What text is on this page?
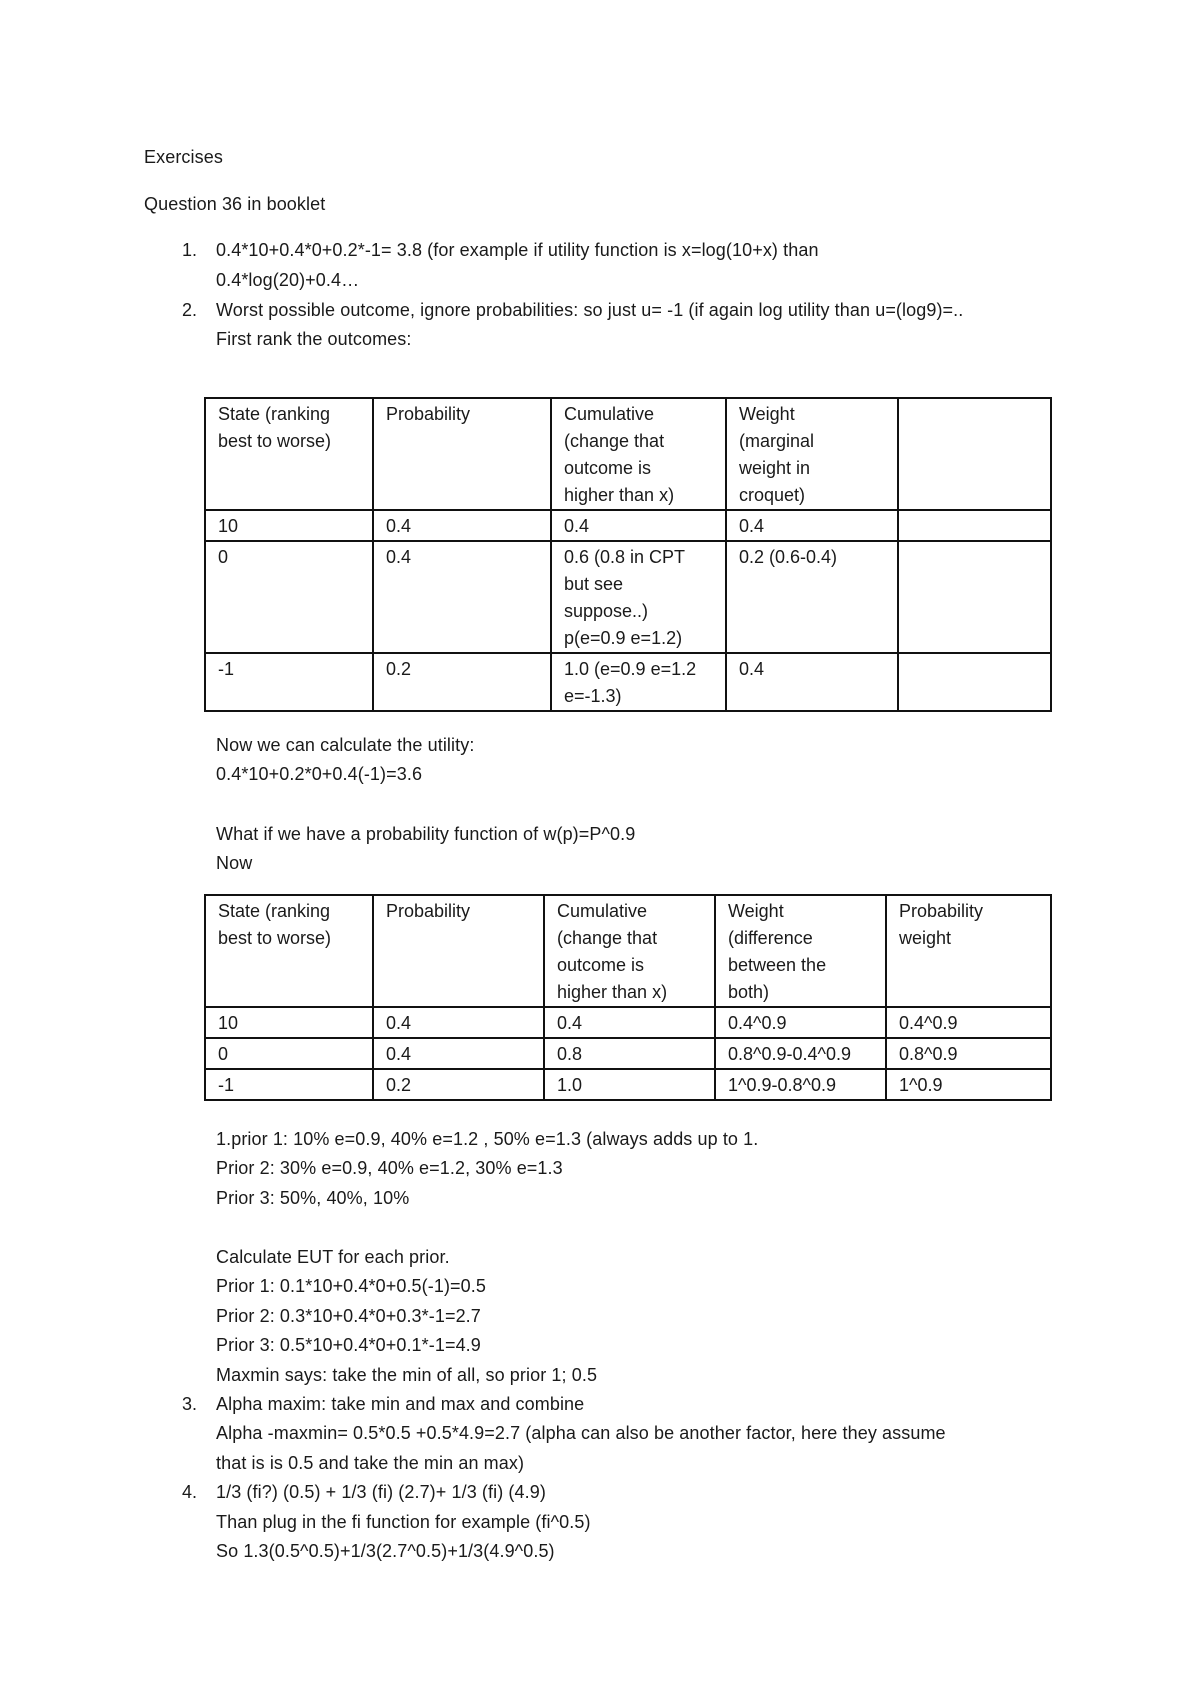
Exercises
Question 36 in booklet
1. 0.4*10+0.4*0+0.2*-1= 3.8 (for example if utility function is x=log(10+x) than
0.4*log(20)+0.4…
2. Worst possible outcome, ignore probabilities: so just u= -1 (if again log utility than u=(log9)=..
First rank the outcomes:
State (ranking
best to worse)	Probability	Cumulative
(change that
outcome is
higher than x)	Weight
(marginal
weight in
croquet)	
10	0.4	0.4	0.4	
0	0.4	0.6 (0.8 in CPT
but see
suppose..)
p(e=0.9 e=1.2)	0.2 (0.6-0.4)	
-1	0.2	1.0 (e=0.9 e=1.2
e=-1.3)	0.4	
Now we can calculate the utility:
0.4*10+0.2*0+0.4(-1)=3.6
What if we have a probability function of w(p)=P^0.9
Now
State (ranking
best to worse)	Probability	Cumulative
(change that
outcome is
higher than x)	Weight
(difference
between the
both)	Probability
weight
10	0.4	0.4	0.4^0.9	0.4^0.9
0	0.4	0.8	0.8^0.9-0.4^0.9	0.8^0.9
-1	0.2	1.0	1^0.9-0.8^0.9	1^0.9
1.prior 1: 10% e=0.9, 40% e=1.2 , 50% e=1.3 (always adds up to 1.
Prior 2: 30% e=0.9, 40% e=1.2, 30% e=1.3
Prior 3: 50%, 40%, 10%
Calculate EUT for each prior.
Prior 1: 0.1*10+0.4*0+0.5(-1)=0.5
Prior 2: 0.3*10+0.4*0+0.3*-1=2.7
Prior 3: 0.5*10+0.4*0+0.1*-1=4.9
Maxmin says: take the min of all, so prior 1; 0.5
3. Alpha maxim: take min and max and combine
Alpha -maxmin= 0.5*0.5 +0.5*4.9=2.7 (alpha can also be another factor, here they assume
that is is 0.5 and take the min an max)
4. 1/3 (fi?) (0.5) + 1/3 (fi) (2.7)+ 1/3 (fi) (4.9)
Than plug in the fi function for example (fi^0.5)
So 1.3(0.5^0.5)+1/3(2.7^0.5)+1/3(4.9^0.5)
